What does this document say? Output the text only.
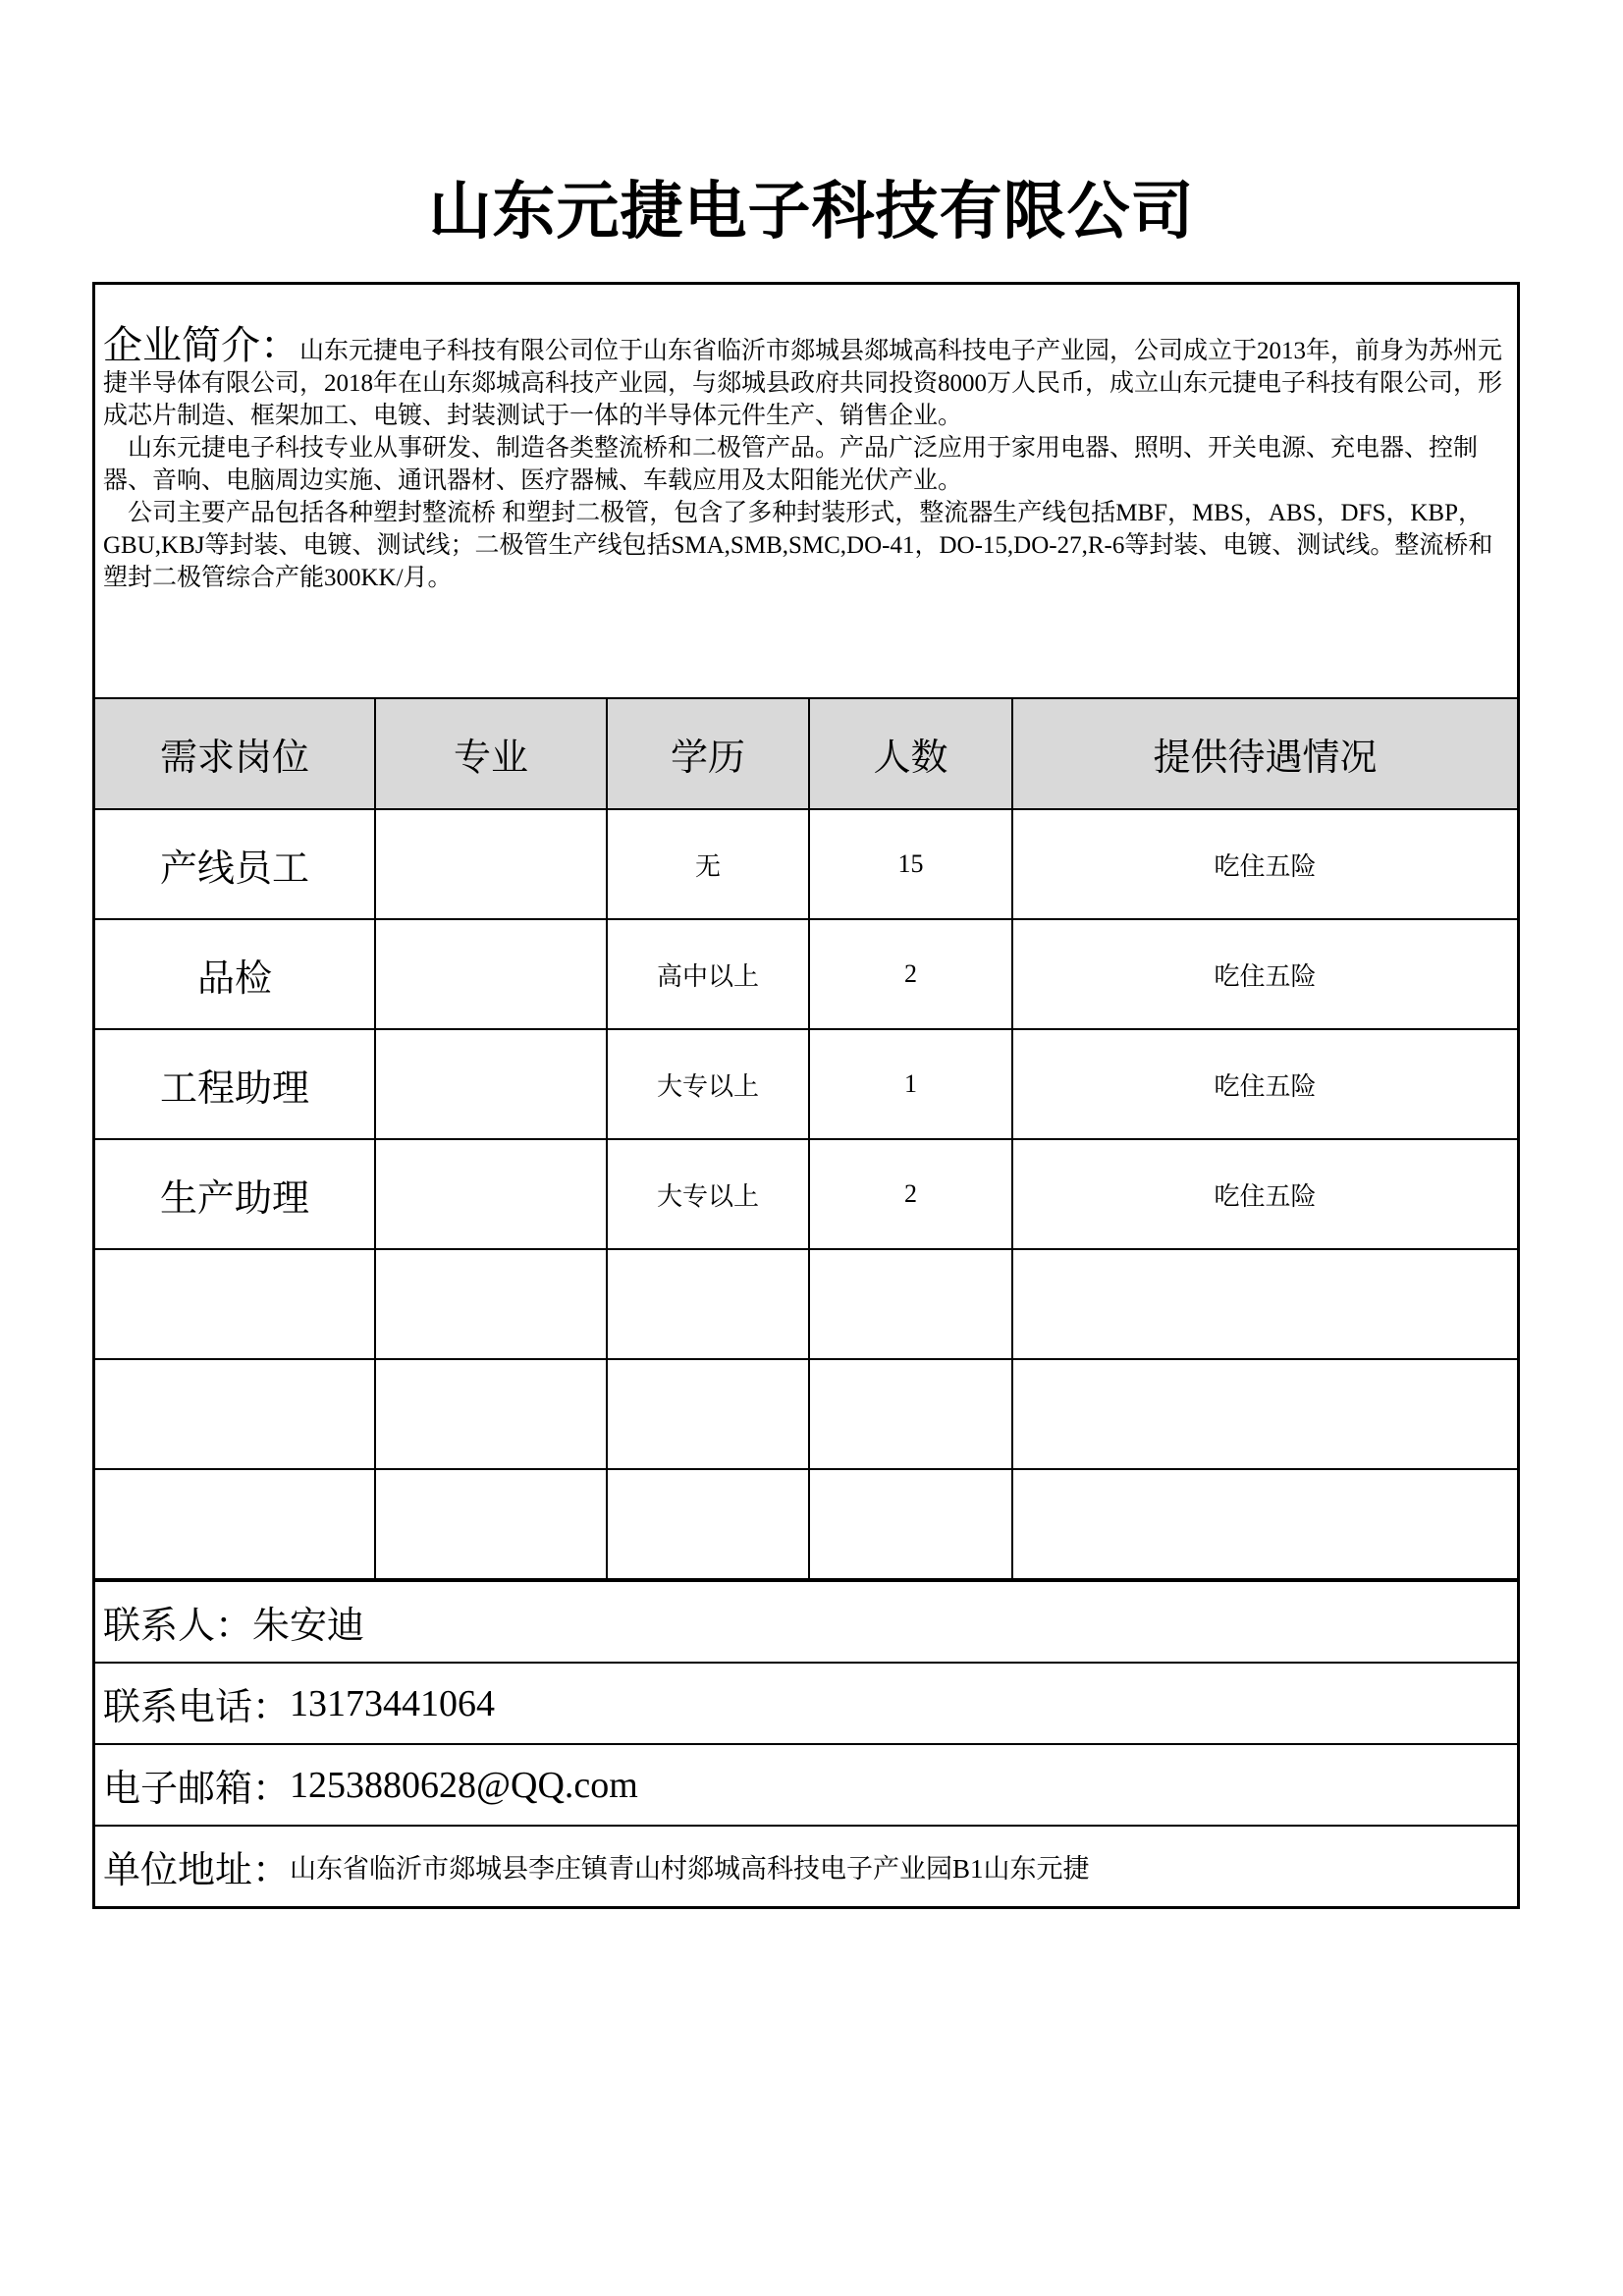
山东元捷电子科技有限公司

企业简介：山东元捷电子科技有限公司位于山东省临沂市郯城县郯城高科技电子产业园，公司成立于2013年，前身为苏州元捷半导体有限公司，2018年在山东郯城高科技产业园，与郯城县政府共同投资8000万人民币，成立山东元捷电子科技有限公司，形成芯片制造、框架加工、电镀、封装测试于一体的半导体元件生产、销售企业。

山东元捷电子科技专业从事研发、制造各类整流桥和二极管产品。产品广泛应用于家用电器、照明、开关电源、充电器、控制器、音响、电脑周边实施、通讯器材、医疗器械、车载应用及太阳能光伏产业。

公司主要产品包括各种塑封整流桥 和塑封二极管，包含了多种封装形式，整流器生产线包括MBF，MBS，ABS，DFS，KBP，GBU,KBJ等封装、电镀、测试线；二极管生产线包括SMA,SMB,SMC,DO-41，DO-15,DO-27,R-6等封装、电镀、测试线。整流桥和塑封二极管综合产能300KK/月。

需求岗位	专业	学历	人数	提供待遇情况
产线员工		无	15	吃住五险
品检		高中以上	2	吃住五险
工程助理		大专以上	1	吃住五险
生产助理		大专以上	2	吃住五险

联系人： 朱安迪
联系电话： 13173441064
电子邮箱： 1253880628@QQ.com
单位地址： 山东省临沂市郯城县李庄镇青山村郯城高科技电子产业园B1山东元捷
